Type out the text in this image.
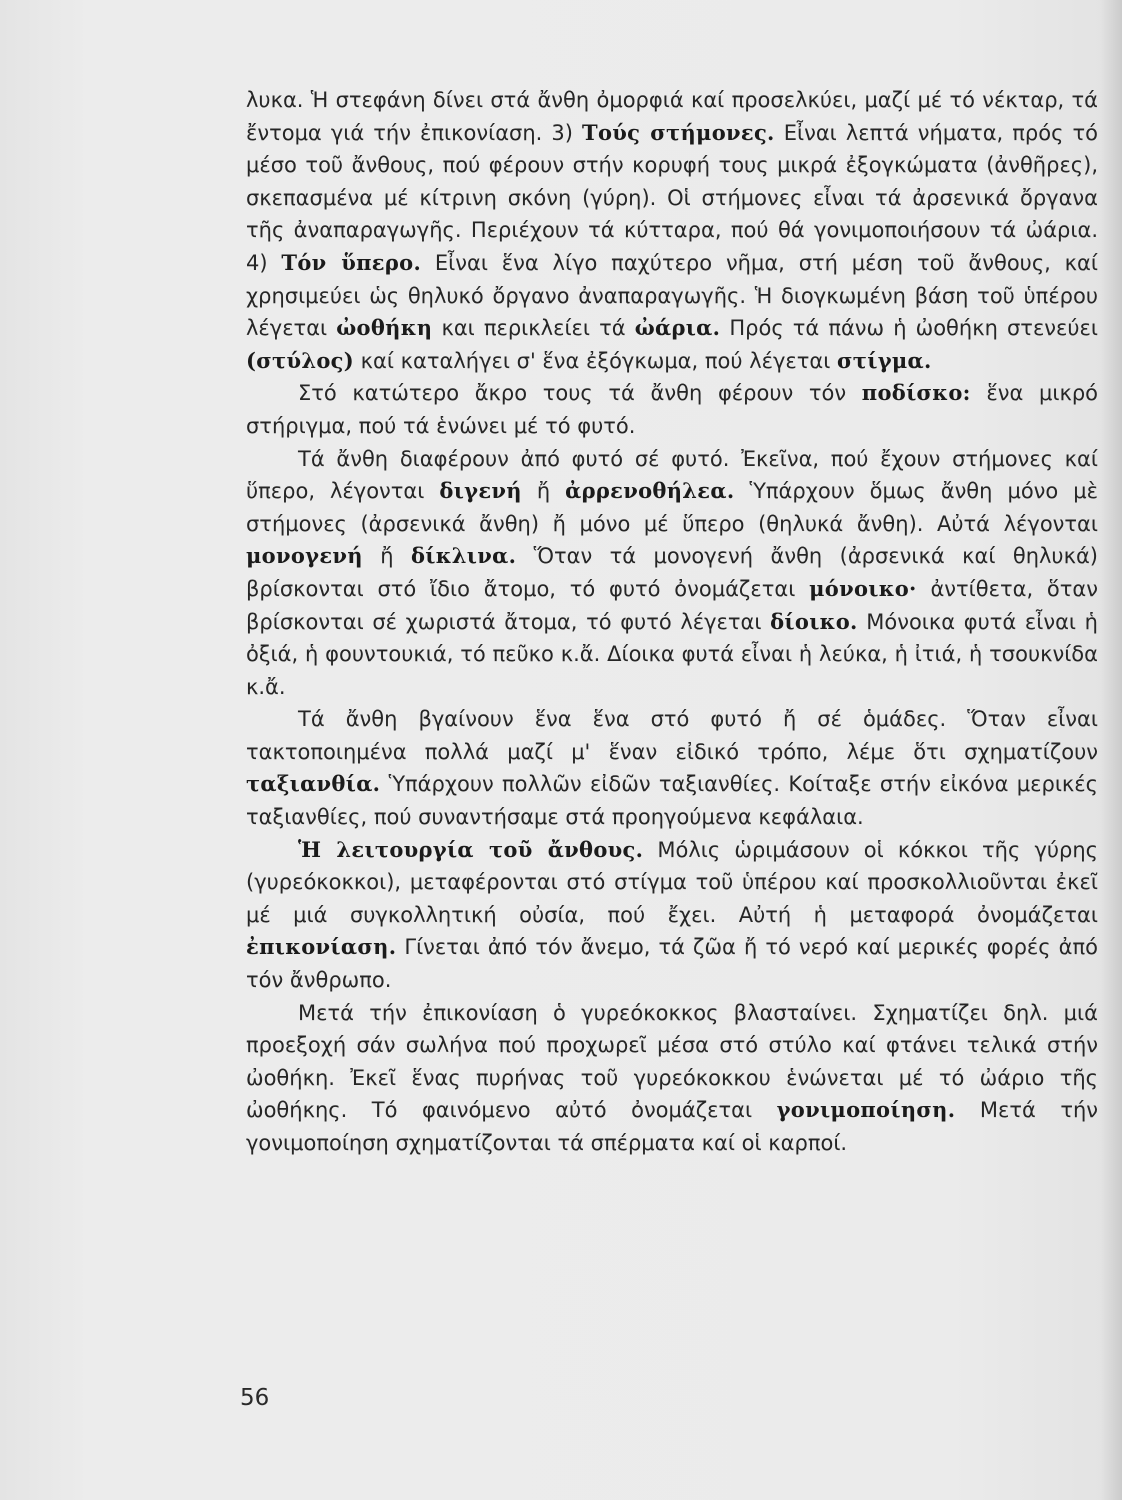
λυκα. Ἡ στεφάνη δίνει στά ἄνθη ὀμορφιά καί προσελκύει, μαζί μέ τό νέκταρ, τά ἔντομα γιά τήν ἐπικονίαση. 3) Τούς στήμονες. Εἶναι λεπτά νήματα, πρός τό μέσο τοῦ ἄνθους, πού φέρουν στήν κορυφή τους μικρά ἐξογκώματα (ἀνθῆρες), σκεπασμένα μέ κίτρινη σκόνη (γύρη). Οἱ στήμονες εἶναι τά ἀρσενικά ὄργανα τῆς ἀναπαραγωγῆς. Περιέχουν τά κύτταρα, πού θά γονιμοποιήσουν τά ὠάρια. 4) Τόν ὕπερο. Εἶναι ἕνα λίγο παχύτερο νῆμα, στή μέση τοῦ ἄνθους, καί χρησιμεύει ὡς θηλυκό ὄργανο ἀναπαραγωγῆς. Ἡ διογκωμένη βάση τοῦ ὑπέρου λέγεται ὠοθήκη και περικλείει τά ὠάρια. Πρός τά πάνω ἡ ὠοθήκη στενεύει (στύλος) καί καταλήγει σ' ἕνα ἐξόγκωμα, πού λέγεται στίγμα.

Στό κατώτερο ἄκρο τους τά ἄνθη φέρουν τόν ποδίσκο: ἕνα μικρό στήριγμα, πού τά ἑνώνει μέ τό φυτό.

Τά ἄνθη διαφέρουν ἀπό φυτό σέ φυτό. Ἐκεῖνα, πού ἔχουν στήμονες καί ὕπερο, λέγονται διγενή ἤ ἀρρενοθήλεα. Ὑπάρχουν ὅμως ἄνθη μόνο μὲ στήμονες (ἀρσενικά ἄνθη) ἤ μόνο μέ ὕπερο (θηλυκά ἄνθη). Αὐτά λέγονται μονογενή ἤ δίκλινα. Ὅταν τά μονογενή ἄνθη (ἀρσενικά καί θηλυκά) βρίσκονται στό ἴδιο ἄτομο, τό φυτό ὀνομάζεται μόνοικο· ἀντίθετα, ὅταν βρίσκονται σέ χωριστά ἄτομα, τό φυτό λέγεται δίοικο. Μόνοικα φυτά εἶναι ἡ ὀξιά, ἡ φουντουκιά, τό πεῦκο κ.ἄ. Δίοικα φυτά εἶναι ἡ λεύκα, ἡ ἰτιά, ἡ τσουκνίδα κ.ἄ.

Τά ἄνθη βγαίνουν ἕνα ἕνα στό φυτό ἤ σέ ὁμάδες. Ὅταν εἶναι τακτοποιημένα πολλά μαζί μ' ἕναν εἰδικό τρόπο, λέμε ὅτι σχηματίζουν ταξιανθία. Ὑπάρχουν πολλῶν εἰδῶν ταξιανθίες. Κοίταξε στήν εἰκόνα μερικές ταξιανθίες, πού συναντήσαμε στά προηγούμενα κεφάλαια.

Ἡ λειτουργία τοῦ ἄνθους. Μόλις ὡριμάσουν οἱ κόκκοι τῆς γύρης (γυρεόκοκκοι), μεταφέρονται στό στίγμα τοῦ ὑπέρου καί προσκολλιοῦνται ἐκεῖ μέ μιά συγκολλητική οὐσία, πού ἔχει. Αὐτή ἡ μεταφορά ὀνομάζεται ἐπικονίαση. Γίνεται ἀπό τόν ἄνεμο, τά ζῶα ἤ τό νερό καί μερικές φορές ἀπό τόν ἄνθρωπο.

Μετά τήν ἐπικονίαση ὁ γυρεόκοκκος βλασταίνει. Σχηματίζει δηλ. μιά προεξοχή σάν σωλήνα πού προχωρεῖ μέσα στό στύλο καί φτάνει τελικά στήν ὠοθήκη. Ἐκεῖ ἕνας πυρήνας τοῦ γυρεόκοκκου ἑνώνεται μέ τό ὠάριο τῆς ὠοθήκης. Τό φαινόμενο αὐτό ὀνομάζεται γονιμοποίηση. Μετά τήν γονιμοποίηση σχηματίζονται τά σπέρματα καί οἱ καρποί.

56
